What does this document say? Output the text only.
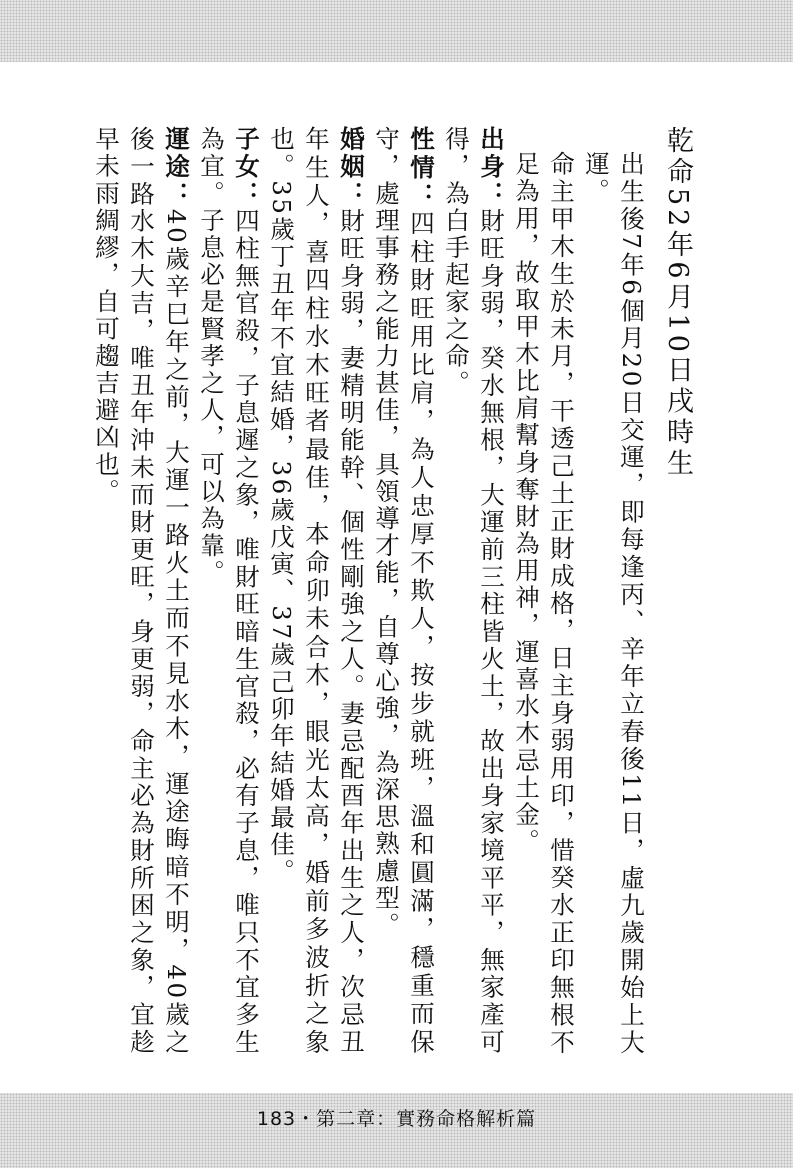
乾命52年6月10日戌時生

出生後7年6個月20日交運，即每逢丙、辛年立春後11日，虛九歲開始上大運。

命主甲木生於未月，干透己土正財成格，日主身弱用印，惜癸水正印無根不足為用，故取甲木比肩幫身奪財為用神，運喜水木忌土金。

出身：財旺身弱，癸水無根，大運前三柱皆火土，故出身家境平平，無家產可得，為白手起家之命。

性情：四柱財旺用比肩，為人忠厚不欺人，按步就班，溫和圓滿，穩重而保守，處理事務之能力甚佳，具領導才能，自尊心強，為深思熟慮型。

婚姻：財旺身弱，妻精明能幹、個性剛強之人。妻忌配酉年出生之人，次忌丑年生人，喜四柱水木旺者最佳，本命卯未合木，眼光太高，婚前多波折之象也。35歲丁丑年不宜結婚，36歲戊寅、37歲己卯年結婚最佳。

子女：四柱無官殺，子息遲之象，唯財旺暗生官殺，必有子息，唯只不宜多生為宜。子息必是賢孝之人，可以為靠。

運途：40歲辛巳年之前，大運一路火土而不見水木，運途晦暗不明，40歲之後一路水木大吉，唯丑年沖未而財更旺，身更弱，命主必為財所困之象，宜趁早未雨綢繆，自可趨吉避凶也。

183・第二章：實務命格解析篇
